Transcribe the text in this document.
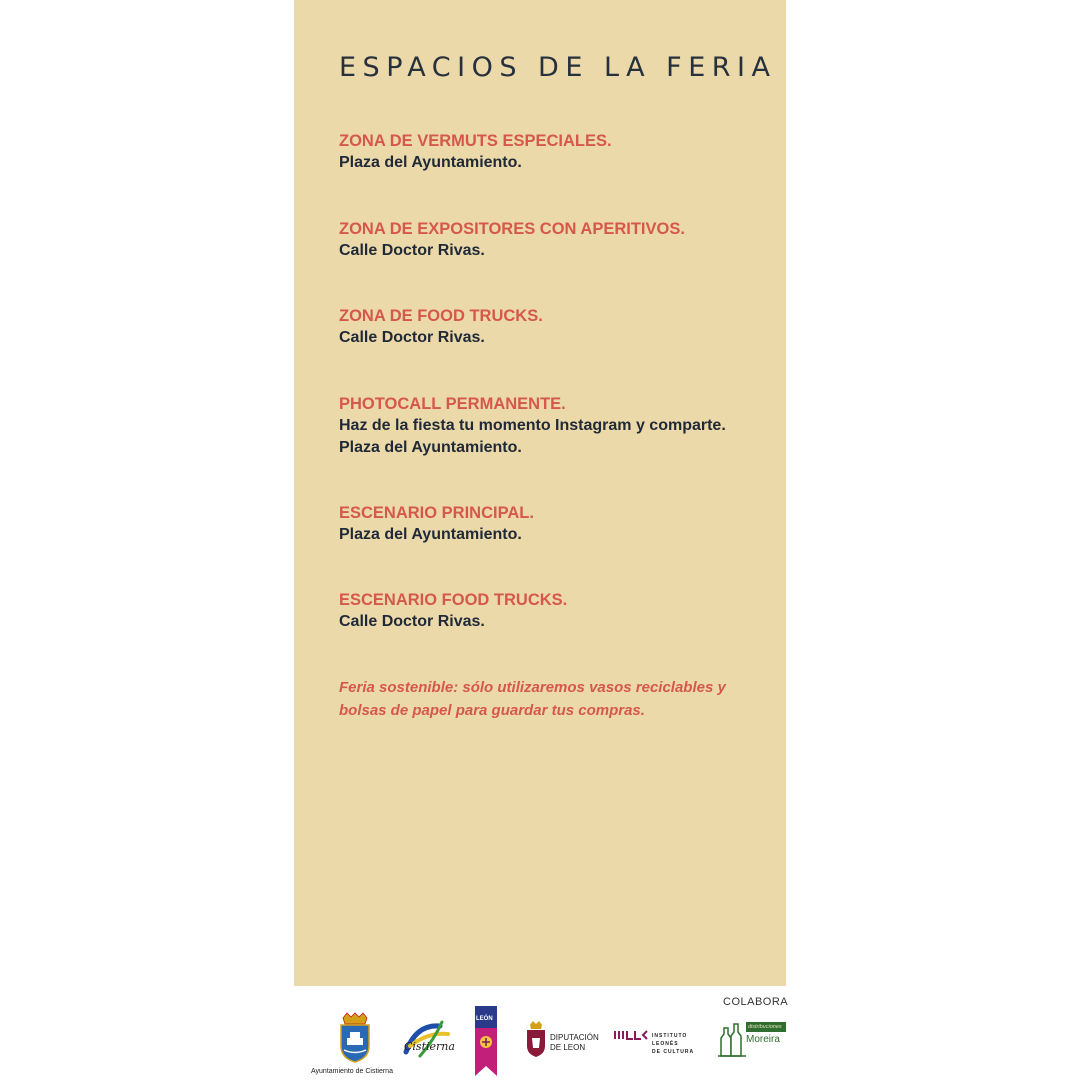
ESPACIOS DE LA FERIA
ZONA DE VERMUTS ESPECIALES.
Plaza del Ayuntamiento.
ZONA DE EXPOSITORES CON APERITIVOS.
Calle Doctor Rivas.
ZONA DE FOOD TRUCKS.
Calle Doctor Rivas.
PHOTOCALL PERMANENTE.
Haz de la fiesta tu momento Instagram y comparte.
Plaza del Ayuntamiento.
ESCENARIO PRINCIPAL.
Plaza del Ayuntamiento.
ESCENARIO FOOD TRUCKS.
Calle Doctor Rivas.
Feria sostenible: sólo utilizaremos vasos reciclables y bolsas de papel para guardar tus compras.
COLABORA
Ayuntamiento de Cistierna
Cistierna
LEÓN
DIPUTACIÓN
DE LEON
INSTITUTO
LEONÉS
DE CULTURA
distribuciones
Moreira
